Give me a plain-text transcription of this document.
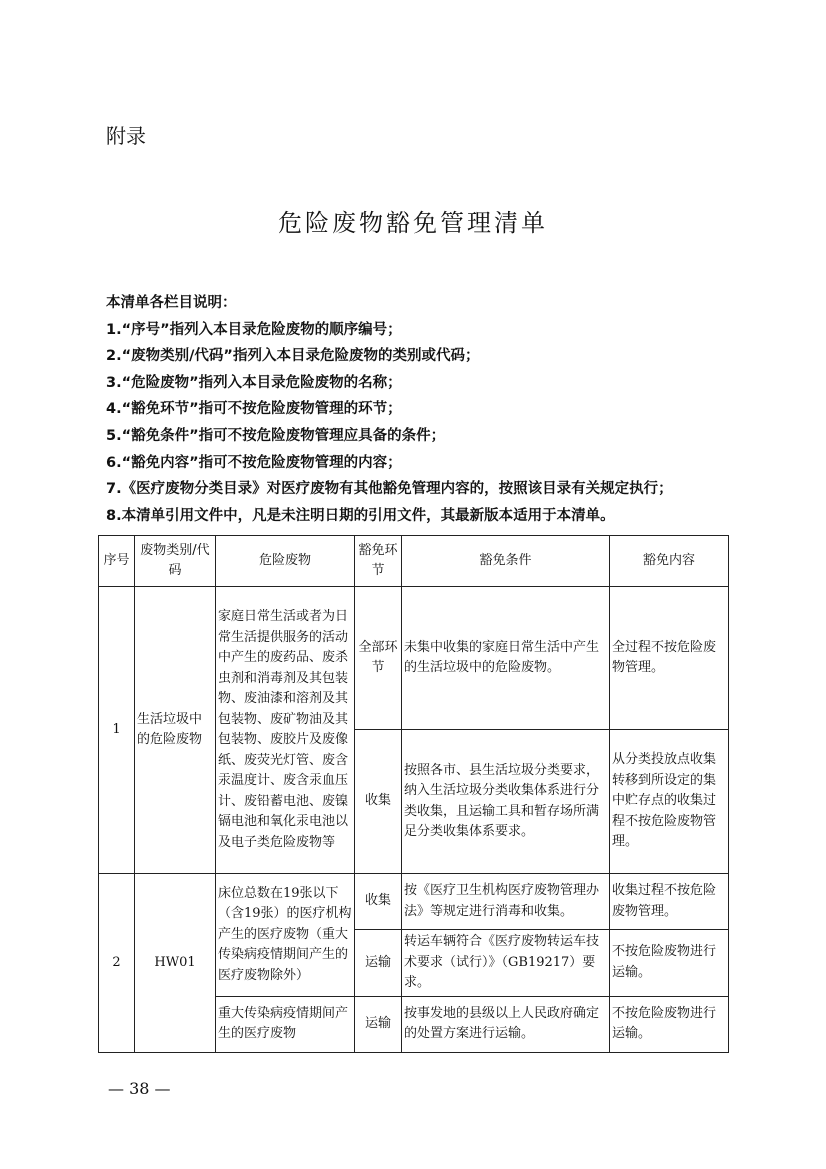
附录
危险废物豁免管理清单
本清单各栏目说明：
1.“序号”指列入本目录危险废物的顺序编号；
2.“废物类别/代码”指列入本目录危险废物的类别或代码；
3.“危险废物”指列入本目录危险废物的名称；
4.“豁免环节”指可不按危险废物管理的环节；
5.“豁免条件”指可不按危险废物管理应具备的条件；
6.“豁免内容”指可不按危险废物管理的内容；
7.《医疗废物分类目录》对医疗废物有其他豁免管理内容的，按照该目录有关规定执行；
8.本清单引用文件中，凡是未注明日期的引用文件，其最新版本适用于本清单。
序号	废物类别/代码	危险废物	豁免环节	豁免条件	豁免内容
1	生活垃圾中的危险废物	家庭日常生活或者为日常生活提供服务的活动中产生的废药品、废杀虫剂和消毒剂及其包装物、废油漆和溶剂及其包装物、废矿物油及其包装物、废胶片及废像纸、废荧光灯管、废含汞温度计、废含汞血压计、废铅蓄电池、废镍镉电池和氧化汞电池以及电子类危险废物等	全部环节	未集中收集的家庭日常生活中产生的生活垃圾中的危险废物。	全过程不按危险废物管理。
			收集	按照各市、县生活垃圾分类要求，纳入生活垃圾分类收集体系进行分类收集，且运输工具和暂存场所满足分类收集体系要求。	从分类投放点收集转移到所设定的集中贮存点的收集过程不按危险废物管理。
2	HW01	床位总数在19张以下（含19张）的医疗机构产生的医疗废物（重大传染病疫情期间产生的医疗废物除外）	收集	按《医疗卫生机构医疗废物管理办法》等规定进行消毒和收集。	收集过程不按危险废物管理。
			运输	转运车辆符合《医疗废物转运车技术要求（试行）》（GB19217）要求。	不按危险废物进行运输。
		重大传染病疫情期间产生的医疗废物	运输	按事发地的县级以上人民政府确定的处置方案进行运输。	不按危险废物进行运输。
— 38 —
